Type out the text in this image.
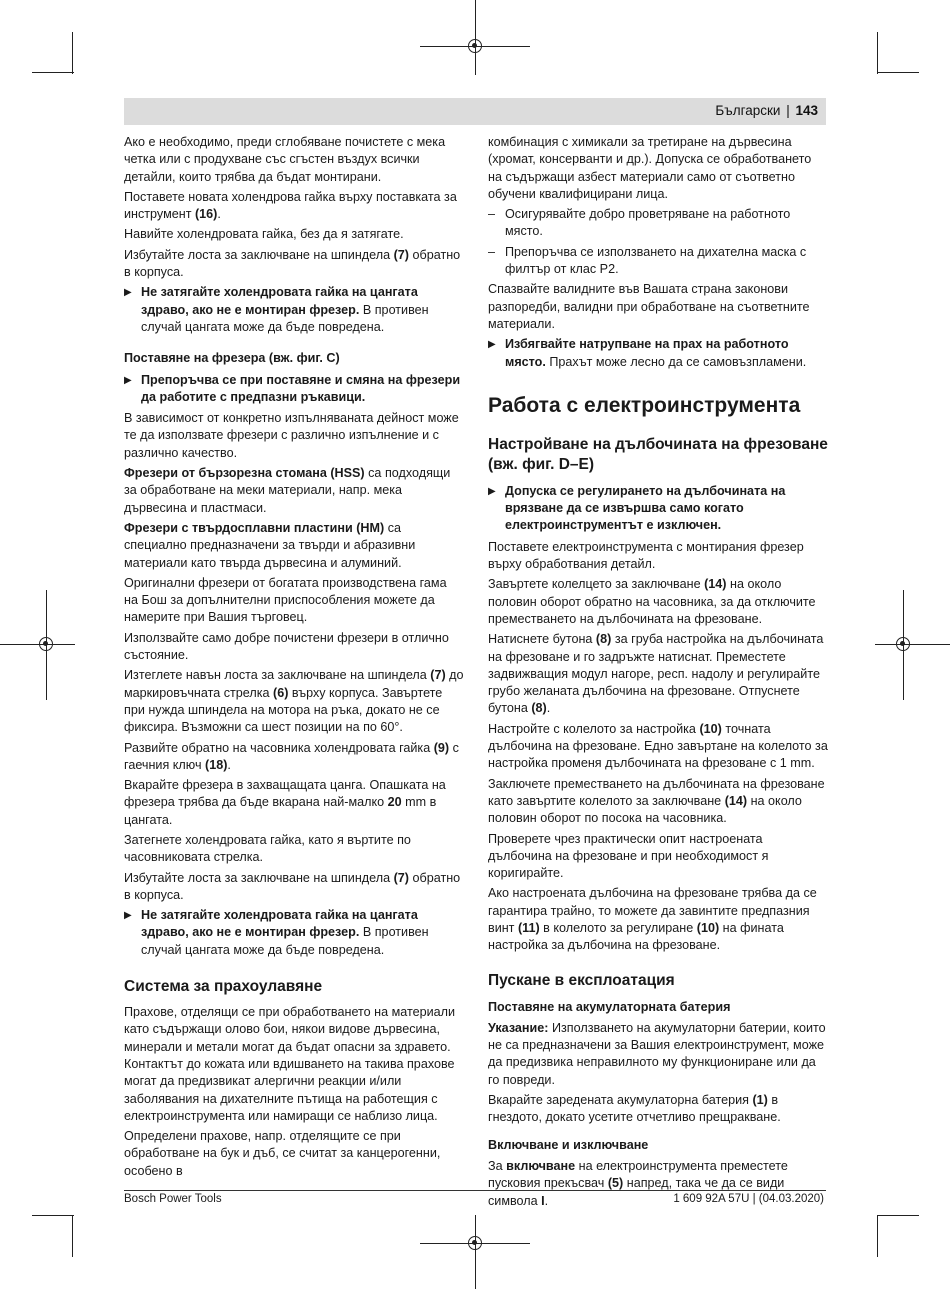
Български | 143

Ако е необходимо, преди сглобяване почистете с мека четка или с продухване със сгъстен въздух всички детайли, които трябва да бъдат монтирани.

Поставете новата холендрова гайка върху поставката за инструмент (16).

Навийте холендровата гайка, без да я затягате.

Избутайте лоста за заключване на шпиндела (7) обратно в корпуса.

▶ Не затягайте холендровата гайка на цангата здраво, ако не е монтиран фрезер. В противен случай цангата може да бъде повредена.
Поставяне на фрезера (вж. фиг. C)
▶ Препоръчва се при поставяне и смяна на фрезери да работите с предпазни ръкавици.

В зависимост от конкретно изпълняваната дейност може те да използвате фрезери с различно изпълнение и с различно качество.

Фрезери от бързорезна стомана (HSS) са подходящи за обработване на меки материали, напр. мека дървесина и пластмаси.

Фрезери с твърдосплавни пластини (HM) са специално предназначени за твърди и абразивни материали като твърда дървесина и алуминий.

Оригинални фрезери от богатата производствена гама на Бош за допълнителни приспособления можете да намерите при Вашия търговец.

Използвайте само добре почистени фрезери в отлично състояние.

Изтеглете навън лоста за заключване на шпиндела (7) до маркировъчната стрелка (6) върху корпуса. Завъртете при нужда шпиндела на мотора на ръка, докато не се фиксира. Възможни са шест позиции на по 60°.

Развийте обратно на часовника холендровата гайка (9) с гаечния ключ (18).

Вкарайте фрезера в захващащата цанга. Опашката на фрезера трябва да бъде вкарана най-малко 20 mm в цангата.

Затегнете холендровата гайка, като я въртите по часовниковата стрелка.

Избутайте лоста за заключване на шпиндела (7) обратно в корпуса.

▶ Не затягайте холендровата гайка на цангата здраво, ако не е монтиран фрезер. В противен случай цангата може да бъде повредена.
Система за прахоулавяне

Прахове, отделящи се при обработването на материали като съдържащи олово бои, някои видове дървесина, минерали и метали могат да бъдат опасни за здравето. Контактът до кожата или вдишването на такива прахове могат да предизвикат алергични реакции и/или заболявания на дихателните пътища на работещия с електроинструмента или намиращи се наблизо лица.

Определени прахове, напр. отделящите се при обработване на бук и дъб, се считат за канцерогенни, особено в

комбинация с химикали за третиране на дървесина (хромат, консерванти и др.). Допуска се обработването на съдържащи азбест материали само от съответно обучени квалифицирани лица.

– Осигурявайте добро проветряване на работното място.
– Препоръчва се използването на дихателна маска с филтър от клас P2.

Спазвайте валидните във Вашата страна законови разпоредби, валидни при обработване на съответните материали.

▶ Избягвайте натрупване на прах на работното място. Прахът може лесно да се самовъзпламени.
Работа с електроинструмента
Настройване на дълбочината на фрезоване (вж. фиг. D–E)
▶ Допуска се регулирането на дълбочината на врязване да се извършва само когато електроинструментът е изключен.

Поставете електроинструмента с монтирания фрезер върху обработвания детайл.

Завъртете колелцето за заключване (14) на около половин оборот обратно на часовника, за да отключите преместването на дълбочината на фрезоване.

Натиснете бутона (8) за груба настройка на дълбочината на фрезоване и го задръжте натиснат. Преместете задвижващия модул нагоре, респ. надолу и регулирайте грубо желаната дълбочина на фрезоване. Отпуснете бутона (8).

Настройте с колелото за настройка (10) точната дълбочина на фрезоване. Едно завъртане на колелото за настройка променя дълбочината на фрезоване с 1 mm.

Заключете преместването на дълбочината на фрезоване като завъртите колелото за заключване (14) на около половин оборот по посока на часовника.

Проверете чрез практически опит настроената дълбочина на фрезоване и при необходимост я коригирайте.

Ако настроената дълбочина на фрезоване трябва да се гарантира трайно, то можете да завинтите предпазния винт (11) в колелото за регулиране (10) на фината настройка за дълбочина на фрезоване.

Пускане в експлоатация
Поставяне на акумулаторната батерия

Указание: Използването на акумулаторни батерии, които не са предназначени за Вашия електроинструмент, може да предизвика неправилното му функциониране или да го повреди.

Вкарайте заредената акумулаторна батерия (1) в гнездото, докато усетите отчетливо прещракване.

Включване и изключване

За включване на електроинструмента преместете пусковия прекъсвач (5) напред, така че да се види символа I.

Bosch Power Tools	1 609 92A 57U | (04.03.2020)
